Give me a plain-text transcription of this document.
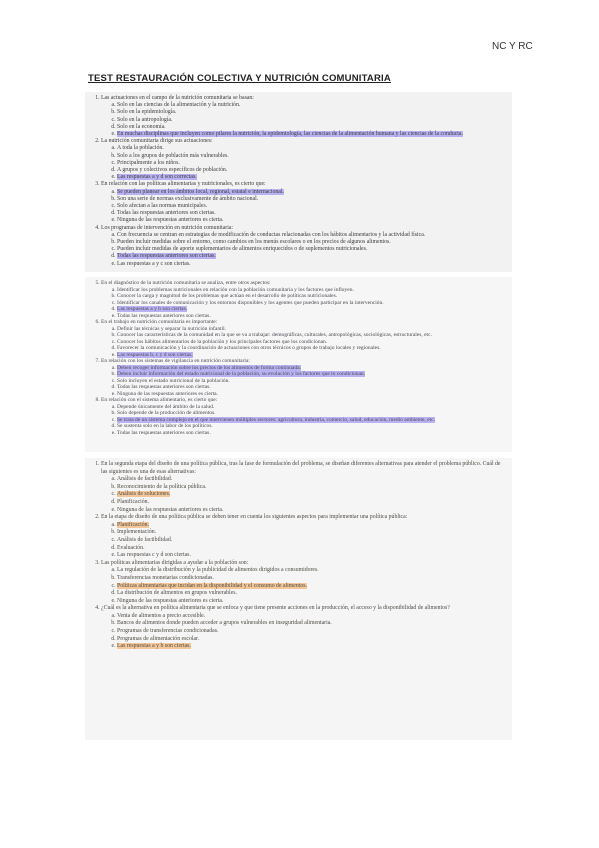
NC Y RC
TEST RESTAURACIÓN COLECTIVA Y NUTRICIÓN COMUNITARIA
1. Las actuaciones en el campo de la nutrición comunitaria se basan:
a. Solo en las ciencias de la alimentación y la nutrición.
b. Solo en la epidemiología.
c. Solo en la antropología.
d. Solo en la economía.
e. En muchas disciplinas que incluyen como pilares la nutrición, la epidemiología, las ciencias de la alimentación humana y las ciencias de la conducta.
2. La nutrición comunitaria dirige sus actuaciones:
a. A toda la población.
b. Solo a los grupos de población más vulnerables.
c. Principalmente a los niños.
d. A grupos y colectivos específicos de población.
e. Las respuestas a y d son correctas.
3. En relación con las políticas alimentarias y nutricionales, es cierto que:
a. Se pueden planear en los ámbitos local, regional, estatal e internacional.
b. Son una serie de normas exclusivamente de ámbito nacional.
c. Solo afectan a las normas municipales.
d. Todas las respuestas anteriores son ciertas.
e. Ninguna de las respuestas anteriores es cierta.
4. Los programas de intervención en nutrición comunitaria:
a. Con frecuencia se centran en estrategias de modificación de conductas relacionadas con los hábitos alimentarios y la actividad física.
b. Pueden incluir medidas sobre el entorno, como cambios en los menús escolares o en los precios de algunos alimentos.
c. Pueden incluir medidas de aporte suplementarios de alimentos enriquecidos o de suplementos nutricionales.
d. Todas las respuestas anteriores son ciertas.
e. Las respuestas a y c son ciertas.
5. En el diagnóstico de la nutrición comunitaria se analiza, entre otros aspectos:
a. Identificar los problemas nutricionales en relación con la población comunitaria y los factores que influyen.
b. Conocer la carga y magnitud de los problemas que actúan en el desarrollo de políticas nutricionales.
c. Identificar los canales de comunicación y los entornos disponibles y los agentes que pueden participar en la intervención.
d. Las respuestas a y b son ciertas.
e. Todas las respuestas anteriores son ciertas.
6. En el trabajo en nutrición comunitaria es importante:
a. Definir las técnicas y separar la nutrición infantil.
b. Conocer las características de la comunidad en la que se va a trabajar: demográficas, culturales, antropológicas, sociológicas, estructurales, etc.
c. Conocer los hábitos alimentarios de la población y los principales factores que los condicionan.
d. Favorecer la comunicación y la coordinación de actuaciones con otros técnicos o grupos de trabajo locales y regionales.
e. Las respuestas b, c y d son ciertas.
7. En relación con los sistemas de vigilancia en nutrición comunitaria:
a. Deben recoger información sobre los precios de los alimentos de forma continuada.
b. Deben incluir información del estado nutricional de la población, su evolución y los factores que lo condicionan.
c. Solo incluyen el estado nutricional de la población.
d. Todas las respuestas anteriores son ciertas.
e. Ninguna de las respuestas anteriores es cierta.
8. En relación con el sistema alimentario, es cierto que:
a. Depende únicamente del ámbito de la salud.
b. Solo depende de la producción de alimentos.
c. Se trata de un sistema complejo en el que intervienen múltiples sectores: agricultura, industria, comercio, salud, educación, medio ambiente, etc.
d. Se sustenta solo en la labor de los políticos.
e. Todas las respuestas anteriores son ciertas.
1. En la segunda etapa del diseño de una política pública, tras la fase de formulación del problema, se diseñan diferentes alternativas para atender el problema público. Cuál de las siguientes es una de esas alternativas:
a. Análisis de factibilidad.
b. Reconocimiento de la política pública.
c. Análisis de soluciones.
d. Planificación.
e. Ninguna de las respuestas anteriores es cierta.
2. En la etapa de diseño de una política pública se deben tener en cuenta los siguientes aspectos para implementar una política pública:
a. Planificación.
b. Implementación.
c. Análisis de factibilidad.
d. Evaluación.
e. Las respuestas c y d son ciertas.
3. Las políticas alimentarias dirigidas a ayudar a la población son:
a. La regulación de la distribución y la publicidad de alimentos dirigidos a consumidores.
b. Transferencias monetarias condicionadas.
c. Políticas alimentarias que incidan en la disponibilidad y el consumo de alimentos.
d. La distribución de alimentos en grupos vulnerables.
e. Ninguna de las respuestas anteriores es cierta.
4. ¿Cuál es la alternativa en política alimentaria que se enfoca y que tiene presente acciones en la producción, el acceso y la disponibilidad de alimentos?
a. Venta de alimentos a precio accesible.
b. Bancos de alimentos donde pueden acceder a grupos vulnerables en inseguridad alimentaria.
c. Programas de transferencias condicionadas.
d. Programas de alimentación escolar.
e. Las respuestas a y b son ciertas.
